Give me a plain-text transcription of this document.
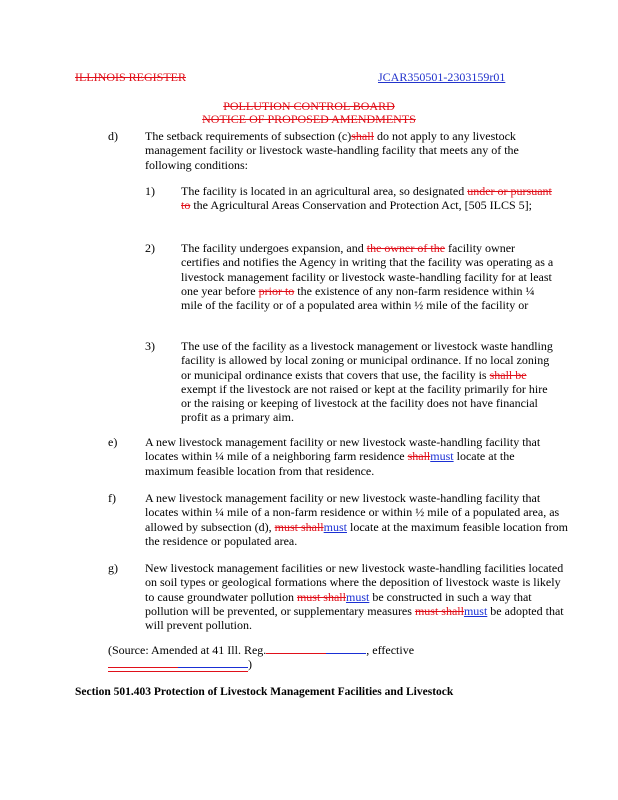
ILLINOIS REGISTER	JCAR350501-2303159r01
POLLUTION CONTROL BOARD
NOTICE OF PROPOSED AMENDMENTS
d) The setback requirements of subsection (c)shall do not apply to any livestock management facility or livestock waste-handling facility that meets any of the following conditions:
1) The facility is located in an agricultural area, so designated under or pursuant to the Agricultural Areas Conservation and Protection Act, [505 ILCS 5];
2) The facility undergoes expansion, and the owner of the facility owner certifies and notifies the Agency in writing that the facility was operating as a livestock management facility or livestock waste-handling facility for at least one year before prior to the existence of any non-farm residence within ¼ mile of the facility or of a populated area within ½ mile of the facility or
3) The use of the facility as a livestock management or livestock waste handling facility is allowed by local zoning or municipal ordinance. If no local zoning or municipal ordinance exists that covers that use, the facility is shall be exempt if the livestock are not raised or kept at the facility primarily for hire or the raising or keeping of livestock at the facility does not have financial profit as a primary aim.
e) A new livestock management facility or new livestock waste-handling facility that locates within ¼ mile of a neighboring farm residence shallmust locate at the maximum feasible location from that residence.
f) A new livestock management facility or new livestock waste-handling facility that locates within ¼ mile of a non-farm residence or within ½ mile of a populated area, as allowed by subsection (d), must shallmust locate at the maximum feasible location from the residence or populated area.
g) New livestock management facilities or new livestock waste-handling facilities located on soil types or geological formations where the deposition of livestock waste is likely to cause groundwater pollution must shallmust be constructed in such a way that pollution will be prevented, or supplementary measures must shallmust be adopted that will prevent pollution.
(Source: Amended at 41 Ill. Reg.	, effective
)
Section 501.403 Protection of Livestock Management Facilities and Livestock
